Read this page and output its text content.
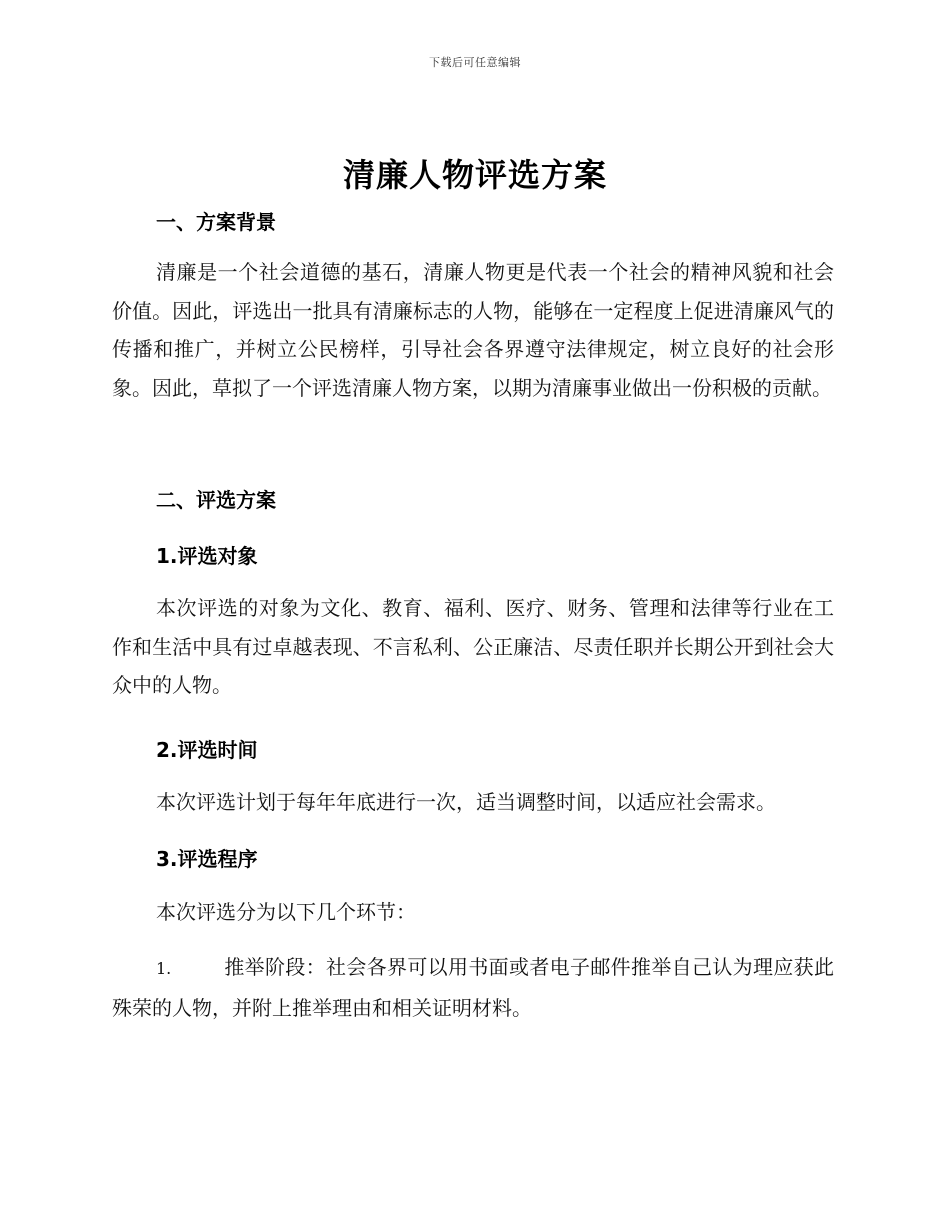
下载后可任意编辑
清廉人物评选方案
一、方案背景

清廉是一个社会道德的基石，清廉人物更是代表一个社会的精神风貌和社会价值。因此，评选出一批具有清廉标志的人物，能够在一定程度上促进清廉风气的传播和推广，并树立公民榜样，引导社会各界遵守法律规定，树立良好的社会形象。因此，草拟了一个评选清廉人物方案，以期为清廉事业做出一份积极的贡献。

二、评选方案
1.评选对象

本次评选的对象为文化、教育、福利、医疗、财务、管理和法律等行业在工作和生活中具有过卓越表现、不言私利、公正廉洁、尽责任职并长期公开到社会大众中的人物。

2.评选时间

本次评选计划于每年年底进行一次，适当调整时间，以适应社会需求。

3.评选程序

本次评选分为以下几个环节：

1.	推举阶段：社会各界可以用书面或者电子邮件推举自己认为理应获此殊荣的人物，并附上推举理由和相关证明材料。
